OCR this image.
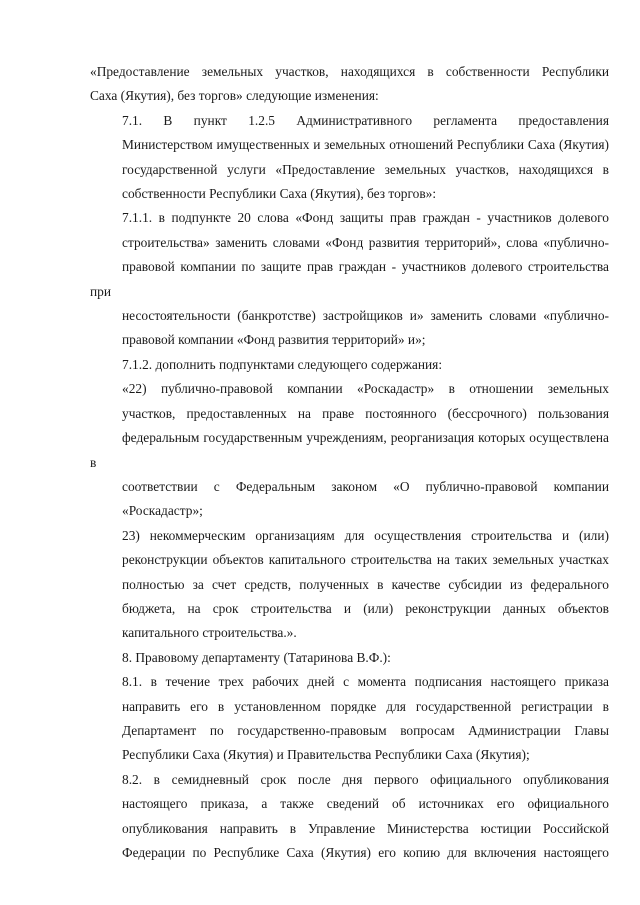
«Предоставление земельных участков, находящихся в собственности Республики
Саха (Якутия), без торгов» следующие изменения:

7.1. В пункт 1.2.5 Административного регламента предоставления
Министерством имущественных и земельных отношений Республики Саха (Якутия)
государственной услуги «Предоставление земельных участков, находящихся в
собственности Республики Саха (Якутия), без торгов»:

7.1.1. в подпункте 20 слова «Фонд защиты прав граждан - участников долевого
строительства» заменить словами «Фонд развития территорий», слова «публично-
правовой компании по защите прав граждан - участников долевого строительства при
несостоятельности (банкротстве) застройщиков и» заменить словами «публично-
правовой компании «Фонд развития территорий» и»;

7.1.2. дополнить подпунктами следующего содержания:

«22) публично-правовой компании «Роскадастр» в отношении земельных
участков, предоставленных на праве постоянного (бессрочного) пользования
федеральным государственным учреждениям, реорганизация которых осуществлена в
соответствии с Федеральным законом «О публично-правовой компании
«Роскадастр»;

23) некоммерческим организациям для осуществления строительства и (или)
реконструкции объектов капитального строительства на таких земельных участках
полностью за счет средств, полученных в качестве субсидии из федерального
бюджета, на срок строительства и (или) реконструкции данных объектов
капитального строительства.».

8. Правовому департаменту (Татаринова В.Ф.):

8.1. в течение трех рабочих дней с момента подписания настоящего приказа
направить его в установленном порядке для государственной регистрации в
Департамент по государственно-правовым вопросам Администрации Главы
Республики Саха (Якутия) и Правительства Республики Саха (Якутия);

8.2. в семидневный срок после дня первого официального опубликования
настоящего приказа, а также сведений об источниках его официального
опубликования направить в Управление Министерства юстиции Российской
Федерации по Республике Саха (Якутия) его копию для включения настоящего
